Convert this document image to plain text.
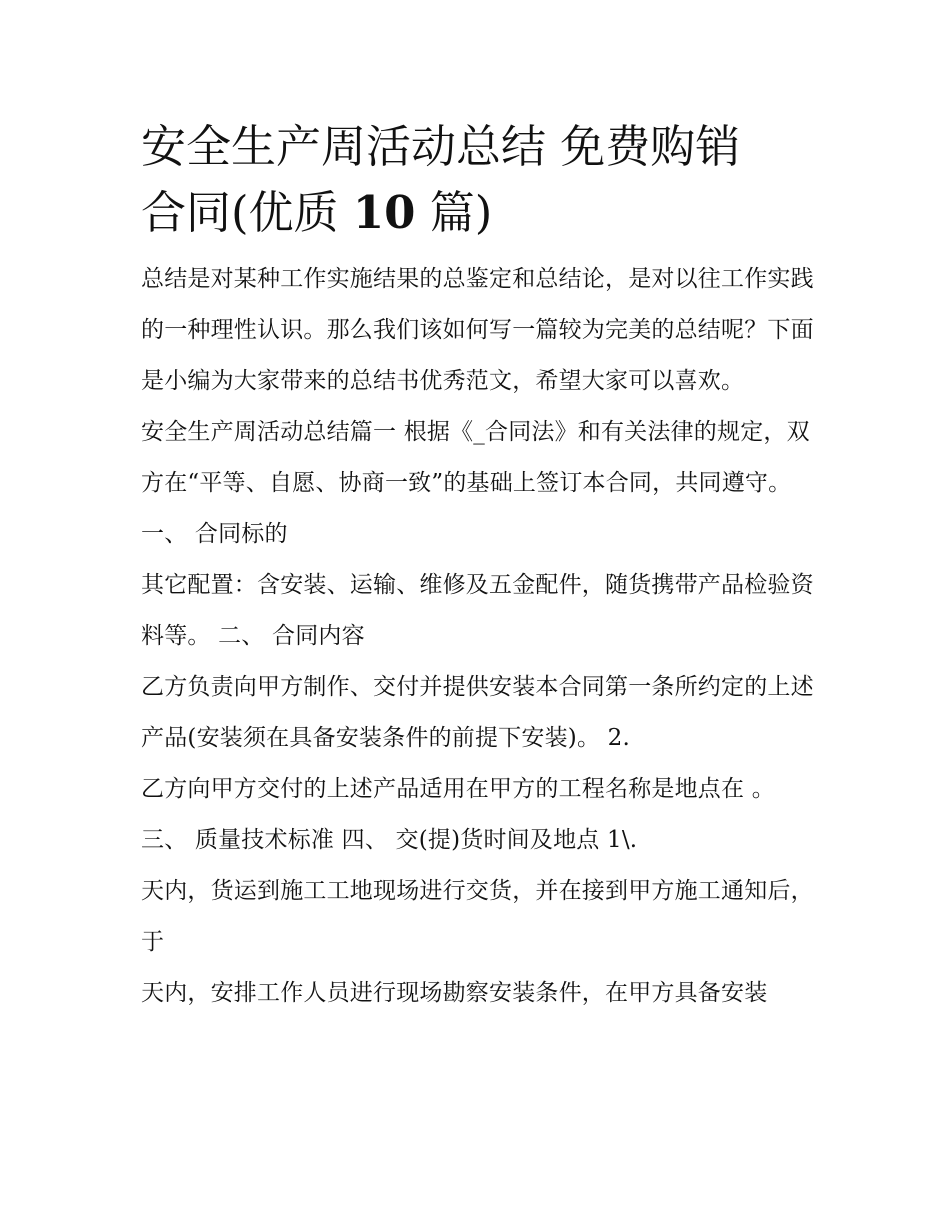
安全生产周活动总结 免费购销
合同(优质 10 篇)

总结是对某种工作实施结果的总鉴定和总结论，是对以往工作实践的一种理性认识。那么我们该如何写一篇较为完美的总结呢？下面是小编为大家带来的总结书优秀范文，希望大家可以喜欢。

安全生产周活动总结篇一 根据《_合同法》和有关法律的规定，双方在“平等、自愿、协商一致”的基础上签订本合同，共同遵守。 一、 合同标的

其它配置：含安装、运输、维修及五金配件，随货携带产品检验资料等。 二、 合同内容

乙方负责向甲方制作、交付并提供安装本合同第一条所约定的上述产品(安装须在具备安装条件的前提下安装)。 2.

乙方向甲方交付的上述产品适用在甲方的工程名称是地点在 。 三、 质量技术标准 四、 交(提)货时间及地点 1\.

天内，货运到施工工地现场进行交货，并在接到甲方施工通知后，于

天内，安排工作人员进行现场勘察安装条件，在甲方具备安装
